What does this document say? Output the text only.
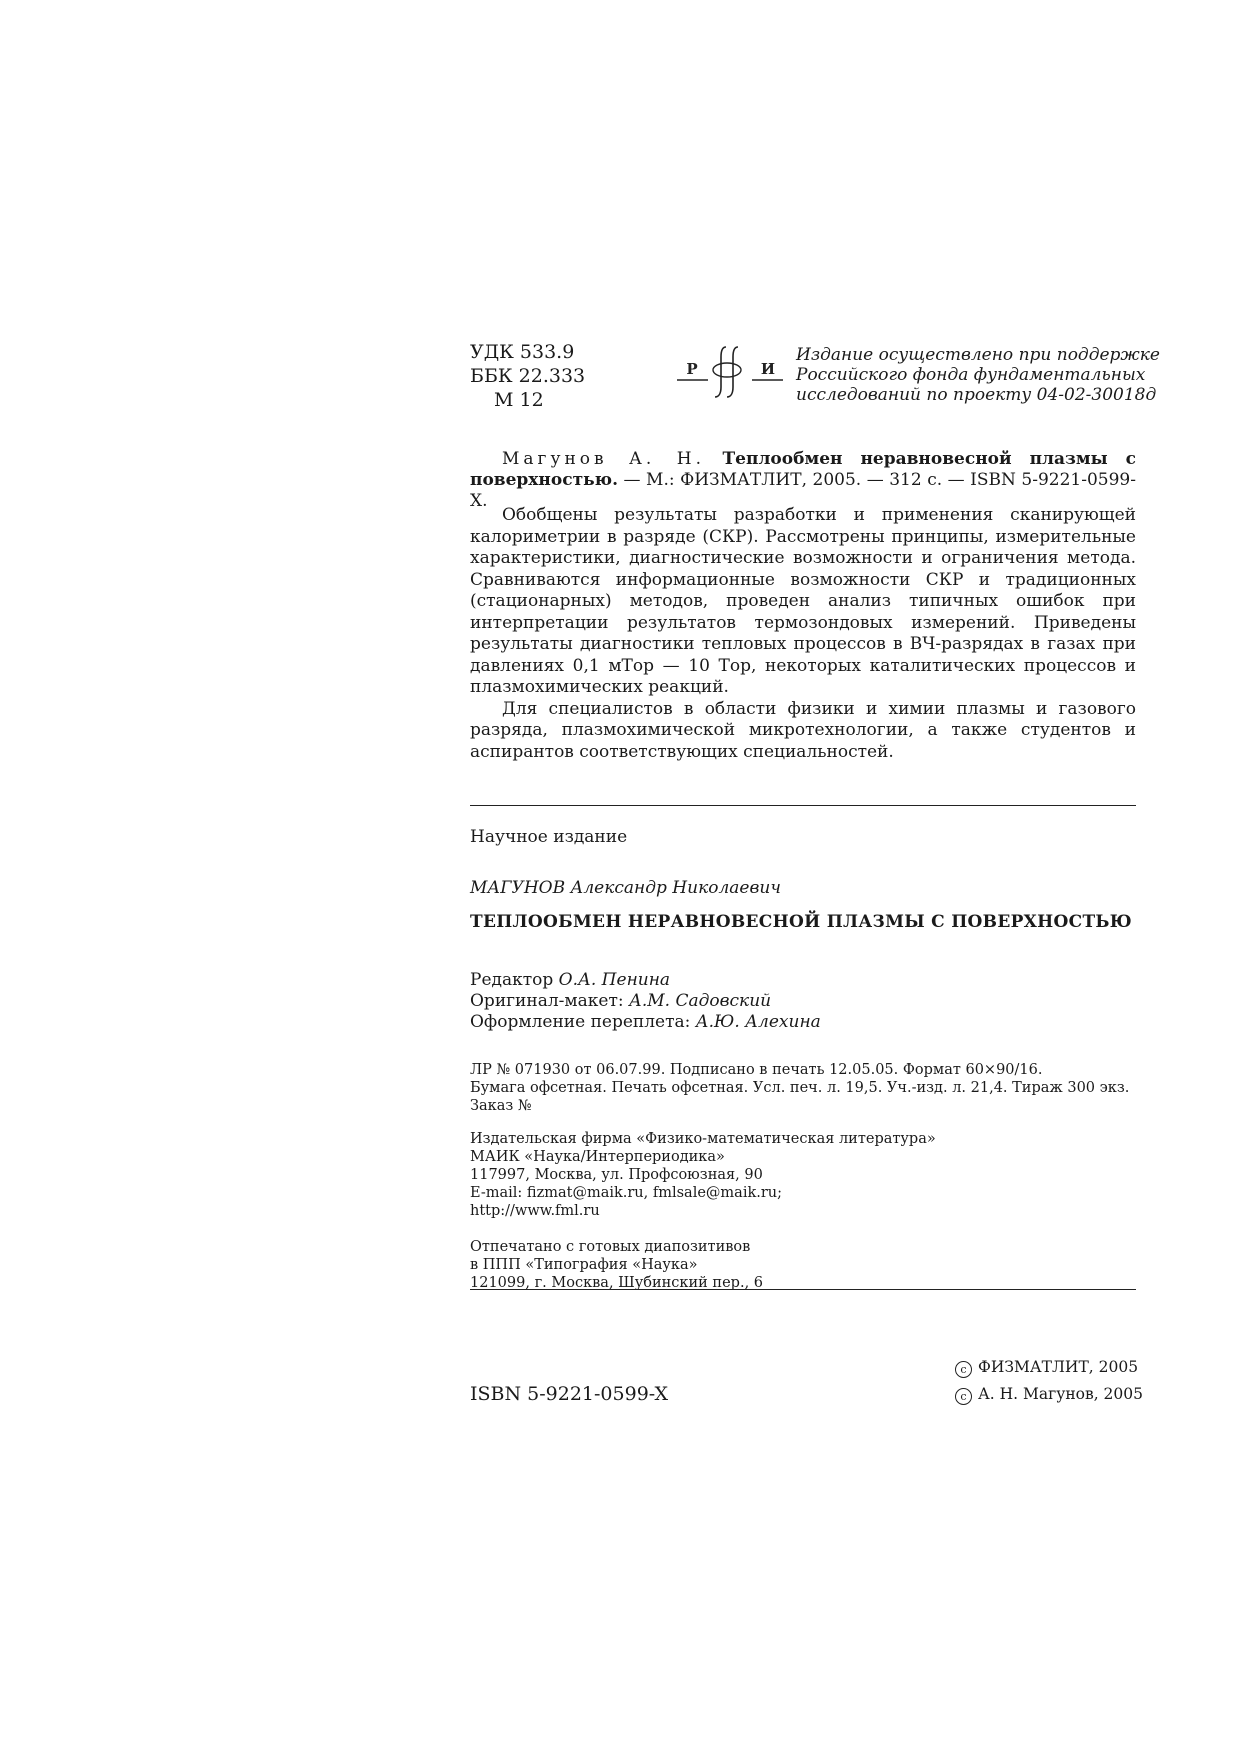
УДК 533.9
ББК 22.333
М 12
Р	И
Издание осуществлено при поддержке
Российского фонда фундаментальных
исследований по проекту 04-02-30018д
Магунов А. Н. Теплообмен неравновесной плазмы с поверхностью. — М.: ФИЗМАТЛИТ, 2005. — 312 с. — ISBN 5-9221-0599-X.

Обобщены результаты разработки и применения сканирующей калориметрии в разряде (СКР). Рассмотрены принципы, измерительные характеристики, диагностические возможности и ограничения метода. Сравниваются информационные возможности СКР и традиционных (стационарных) методов, проведен анализ типичных ошибок при интерпретации результатов термозондовых измерений. Приведены результаты диагностики тепловых процессов в ВЧ-разрядах в газах при давлениях 0,1 мТор — 10 Тор, некоторых каталитических процессов и плазмохимических реакций.

Для специалистов в области физики и химии плазмы и газового разряда, плазмохимической микротехнологии, а также студентов и аспирантов соответствующих специальностей.

Научное издание
МАГУНОВ Александр Николаевич
ТЕПЛООБМЕН НЕРАВНОВЕСНОЙ ПЛАЗМЫ С ПОВЕРХНОСТЬЮ
Редактор О.А. Пенина
Оригинал-макет: А.М. Садовский
Оформление переплета: А.Ю. Алехина
ЛР № 071930 от 06.07.99. Подписано в печать 12.05.05. Формат 60×90/16.
Бумага офсетная. Печать офсетная. Усл. печ. л. 19,5. Уч.-изд. л. 21,4. Тираж 300 экз.
Заказ №
Издательская фирма «Физико-математическая литература»
МАИК «Наука/Интерпериодика»
117997, Москва, ул. Профсоюзная, 90
E-mail: fizmat@maik.ru, fmlsale@maik.ru;
http://www.fml.ru
Отпечатано с готовых диапозитивов
в ППП «Типография «Наука»
121099, г. Москва, Шубинский пер., 6
ISBN 5-9221-0599-X
c ФИЗМАТЛИТ, 2005
c А. Н. Магунов, 2005
